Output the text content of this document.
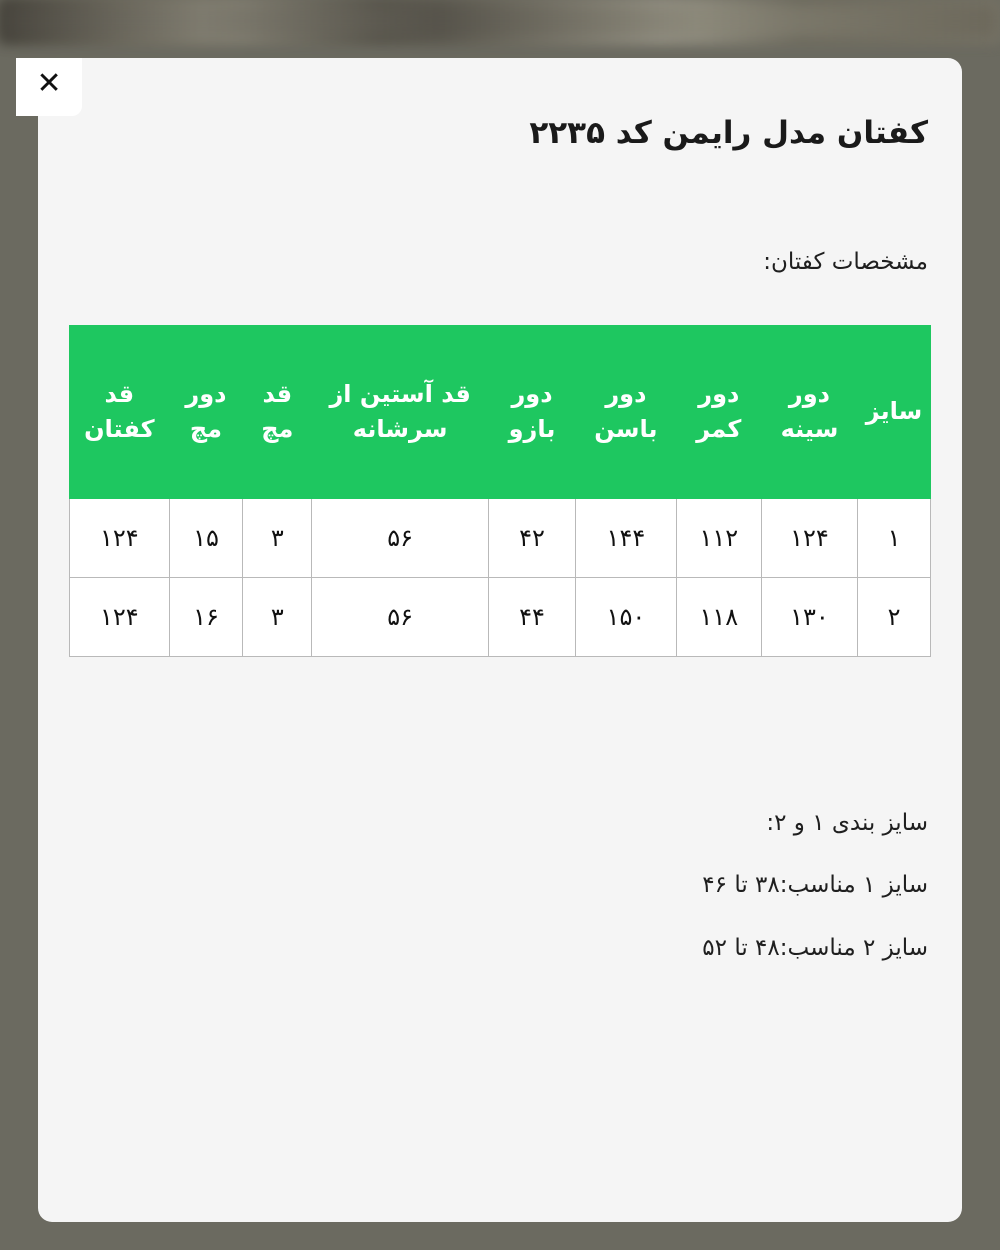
کفتان مدل رایمن کد ۲۲۳۵
مشخصات کفتان:
سایز	دور سینه	دور کمر	دور باسن	دور بازو	قد آستین از سرشانه	قد مچ	دور مچ	قد کفتان
۱	۱۲۴	۱۱۲	۱۴۴	۴۲	۵۶	۳	۱۵	۱۲۴
۲	۱۳۰	۱۱۸	۱۵۰	۴۴	۵۶	۳	۱۶	۱۲۴
سایز بندی ۱ و ۲:
سایز ۱ مناسب:۳۸ تا ۴۶
سایز ۲ مناسب:۴۸ تا ۵۲
✕
